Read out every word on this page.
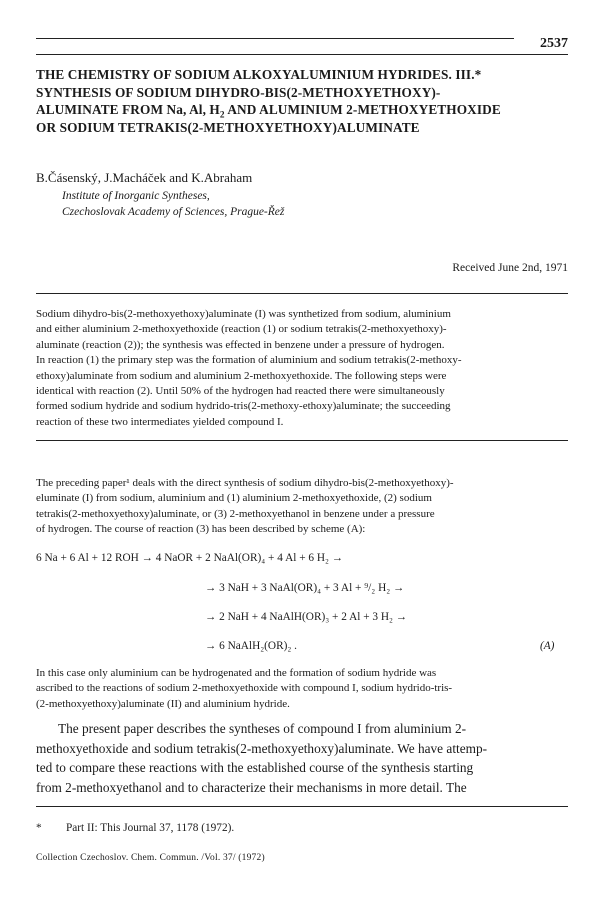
2537
THE CHEMISTRY OF SODIUM ALKOXYALUMINIUM HYDRIDES. III.*
SYNTHESIS OF SODIUM DIHYDRO-BIS(2-METHOXYETHOXY)-
ALUMINATE FROM Na, Al, $H_2$ AND ALUMINIUM 2-METHOXYETHOXIDE
OR SODIUM TETRAKIS(2-METHOXYETHOXY)ALUMINATE
B.Čásenský, J.Macháček and K.Abraham
Institute of Inorganic Syntheses,
Czechoslovak Academy of Sciences, Prague-Řež
Received June 2nd, 1971
Sodium dihydro-bis(2-methoxyethoxy)aluminate (I) was synthetized from sodium, aluminium
and either aluminium 2-methoxyethoxide (reaction (1) or sodium tetrakis(2-methoxyethoxy)-
aluminate (reaction (2)); the synthesis was effected in benzene under a pressure of hydrogen.
In reaction (1) the primary step was the formation of aluminium and sodium tetrakis(2-methoxy-
ethoxy)aluminate from sodium and aluminium 2-methoxyethoxide. The following steps were
identical with reaction (2). Until 50% of the hydrogen had reacted there were simultaneously
formed sodium hydride and sodium hydrido-tris(2-methoxy-ethoxy)aluminate; the succeeding
reaction of these two intermediates yielded compound I.
The preceding paper¹ deals with the direct synthesis of sodium dihydro-bis(2-methoxyethoxy)-
eluminate (I) from sodium, aluminium and (1) aluminium 2-methoxyethoxide, (2) sodium
tetrakis(2-methoxyethoxy)aluminate, or (3) 2-methoxyethanol in benzene under a pressure
of hydrogen. The course of reaction (3) has been described by scheme (A):
6 Na + 6 Al + 12 ROH → 4 NaOR + 2 NaAl(OR)₄ + 4 Al + 6 H₂ →
→ 3 NaH + 3 NaAl(OR)₄ + 3 Al + ⁹/₂ H₂ →
→ 2 NaH + 4 NaAlH(OR)₃ + 2 Al + 3 H₂ →
→ 6 NaAlH₂(OR)₂ .	(A)
In this case only aluminium can be hydrogenated and the formation of sodium hydride was
ascribed to the reactions of sodium 2-methoxyethoxide with compound I, sodium hydrido-tris-
(2-methoxyethoxy)aluminate (II) and aluminium hydride.
The present paper describes the syntheses of compound I from aluminium 2-
methoxyethoxide and sodium tetrakis(2-methoxyethoxy)aluminate. We have attemp-
ted to compare these reactions with the established course of the synthesis starting
from 2-methoxyethanol and to characterize their mechanisms in more detail. The
* Part II: This Journal 37, 1178 (1972).
Collection Czechoslov. Chem. Commun. /Vol. 37/ (1972)
